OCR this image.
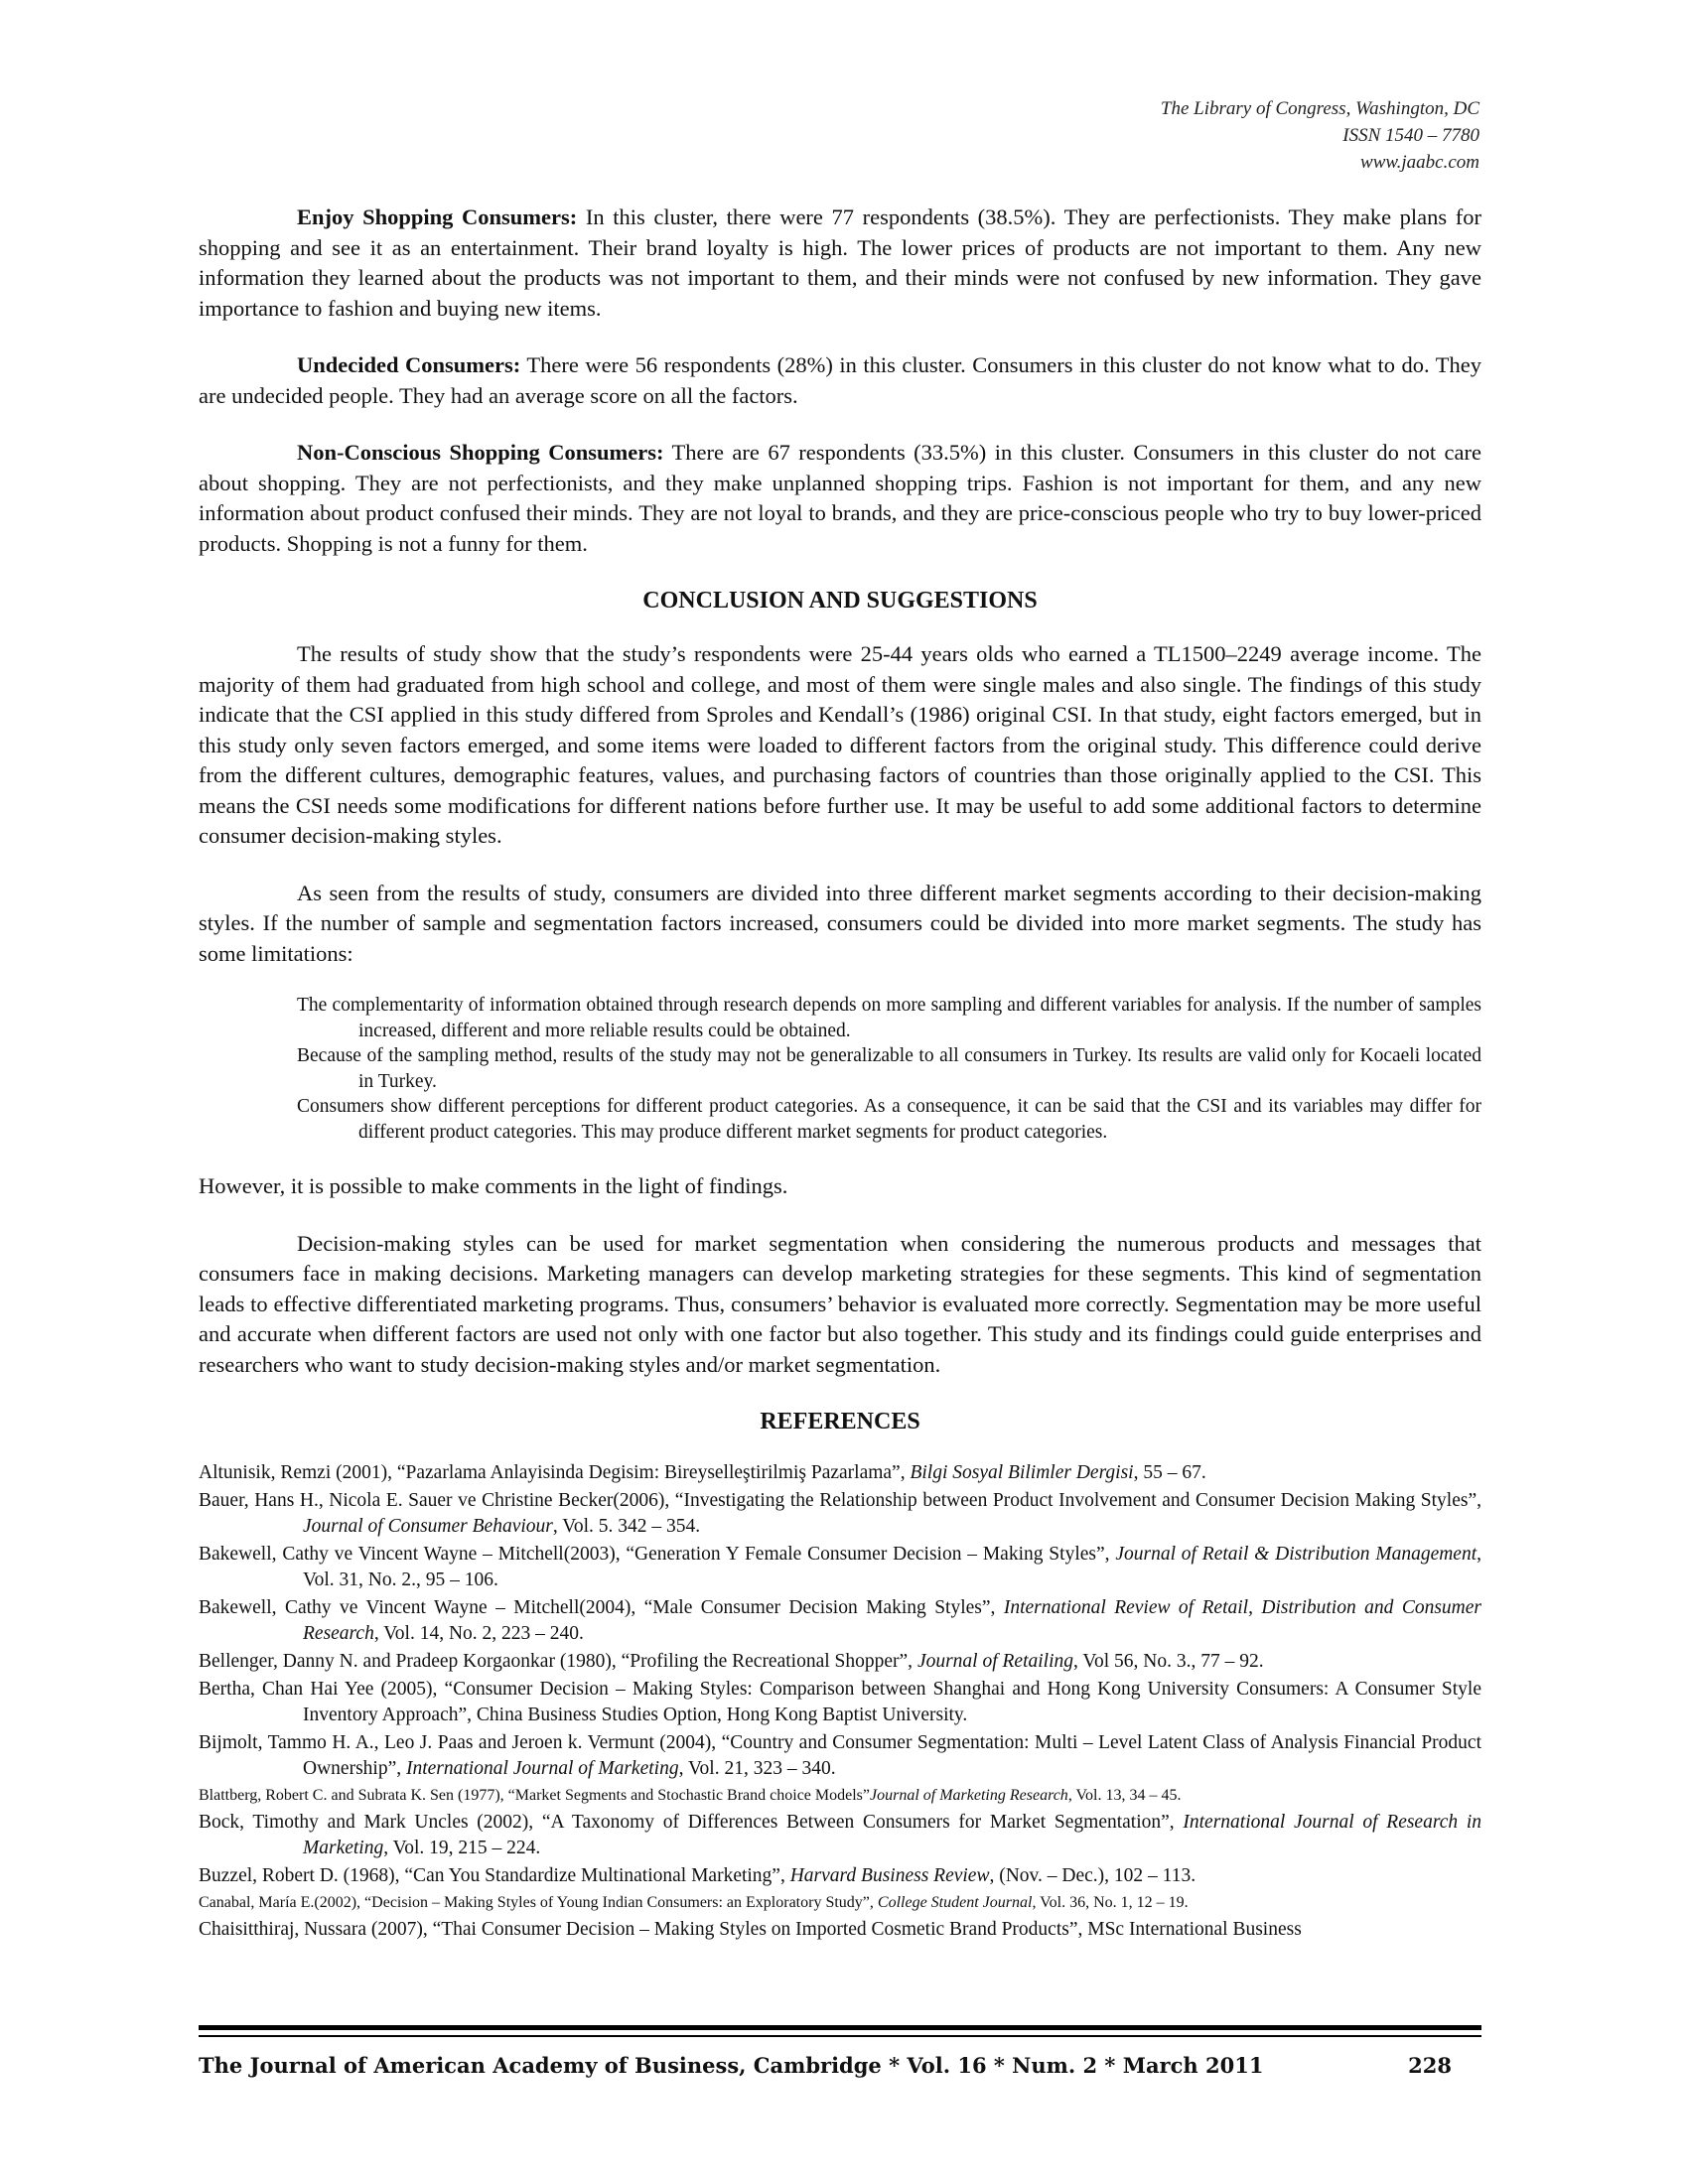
The Library of Congress, Washington, DC
ISSN 1540 – 7780
www.jaabc.com

Enjoy Shopping Consumers: In this cluster, there were 77 respondents (38.5%). They are perfectionists. They make plans for shopping and see it as an entertainment. Their brand loyalty is high. The lower prices of products are not important to them. Any new information they learned about the products was not important to them, and their minds were not confused by new information. They gave importance to fashion and buying new items.

Undecided Consumers: There were 56 respondents (28%) in this cluster. Consumers in this cluster do not know what to do. They are undecided people. They had an average score on all the factors.

Non-Conscious Shopping Consumers: There are 67 respondents (33.5%) in this cluster. Consumers in this cluster do not care about shopping. They are not perfectionists, and they make unplanned shopping trips. Fashion is not important for them, and any new information about product confused their minds. They are not loyal to brands, and they are price-conscious people who try to buy lower-priced products. Shopping is not a funny for them.

CONCLUSION AND SUGGESTIONS

The results of study show that the study’s respondents were 25-44 years olds who earned a TL1500–2249 average income. The majority of them had graduated from high school and college, and most of them were single males and also single. The findings of this study indicate that the CSI applied in this study differed from Sproles and Kendall’s (1986) original CSI. In that study, eight factors emerged, but in this study only seven factors emerged, and some items were loaded to different factors from the original study. This difference could derive from the different cultures, demographic features, values, and purchasing factors of countries than those originally applied to the CSI. This means the CSI needs some modifications for different nations before further use. It may be useful to add some additional factors to determine consumer decision-making styles.

As seen from the results of study, consumers are divided into three different market segments according to their decision-making styles. If the number of sample and segmentation factors increased, consumers could be divided into more market segments. The study has some limitations:

The complementarity of information obtained through research depends on more sampling and different variables for analysis. If the number of samples increased, different and more reliable results could be obtained.
Because of the sampling method, results of the study may not be generalizable to all consumers in Turkey. Its results are valid only for Kocaeli located in Turkey.
Consumers show different perceptions for different product categories. As a consequence, it can be said that the CSI and its variables may differ for different product categories. This may produce different market segments for product categories.

However, it is possible to make comments in the light of findings.

Decision-making styles can be used for market segmentation when considering the numerous products and messages that consumers face in making decisions. Marketing managers can develop marketing strategies for these segments. This kind of segmentation leads to effective differentiated marketing programs. Thus, consumers’ behavior is evaluated more correctly. Segmentation may be more useful and accurate when different factors are used not only with one factor but also together. This study and its findings could guide enterprises and researchers who want to study decision-making styles and/or market segmentation.

REFERENCES
Altunisik, Remzi (2001), “Pazarlama Anlayisinda Degisim: Bireyselleştirilmiş Pazarlama”, Bilgi Sosyal Bilimler Dergisi, 55 – 67.
Bauer, Hans H., Nicola E. Sauer ve Christine Becker(2006), “Investigating the Relationship between Product Involvement and Consumer Decision Making Styles”, Journal of Consumer Behaviour, Vol. 5. 342 – 354.
Bakewell, Cathy ve Vincent Wayne – Mitchell(2003), “Generation Y Female Consumer Decision – Making Styles”, Journal of Retail & Distribution Management, Vol. 31, No. 2., 95 – 106.
Bakewell, Cathy ve Vincent Wayne – Mitchell(2004), “Male Consumer Decision Making Styles”, International Review of Retail, Distribution and Consumer Research, Vol. 14, No. 2, 223 – 240.
Bellenger, Danny N. and Pradeep Korgaonkar (1980), “Profiling the Recreational Shopper”, Journal of Retailing, Vol 56, No. 3., 77 – 92.
Bertha, Chan Hai Yee (2005), “Consumer Decision – Making Styles: Comparison between Shanghai and Hong Kong University Consumers: A Consumer Style Inventory Approach”, China Business Studies Option, Hong Kong Baptist University.
Bijmolt, Tammo H. A., Leo J. Paas and Jeroen k. Vermunt (2004), “Country and Consumer Segmentation: Multi – Level Latent Class of Analysis Financial Product Ownership”, International Journal of Marketing, Vol. 21, 323 – 340.
Blattberg, Robert C. and Subrata K. Sen (1977), “Market Segments and Stochastic Brand choice Models”Journal of Marketing Research, Vol. 13, 34 – 45.
Bock, Timothy and Mark Uncles (2002), “A Taxonomy of Differences Between Consumers for Market Segmentation”, International Journal of Research in Marketing, Vol. 19, 215 – 224.
Buzzel, Robert D. (1968), “Can You Standardize Multinational Marketing”, Harvard Business Review, (Nov. – Dec.), 102 – 113.
Canabal, María E.(2002), “Decision – Making Styles of Young Indian Consumers: an Exploratory Study”, College Student Journal, Vol. 36, No. 1, 12 – 19.
Chaisitthiraj, Nussara (2007), “Thai Consumer Decision – Making Styles on Imported Cosmetic Brand Products”, MSc International Business
The Journal of American Academy of Business, Cambridge * Vol. 16 * Num. 2 * March 2011	228
